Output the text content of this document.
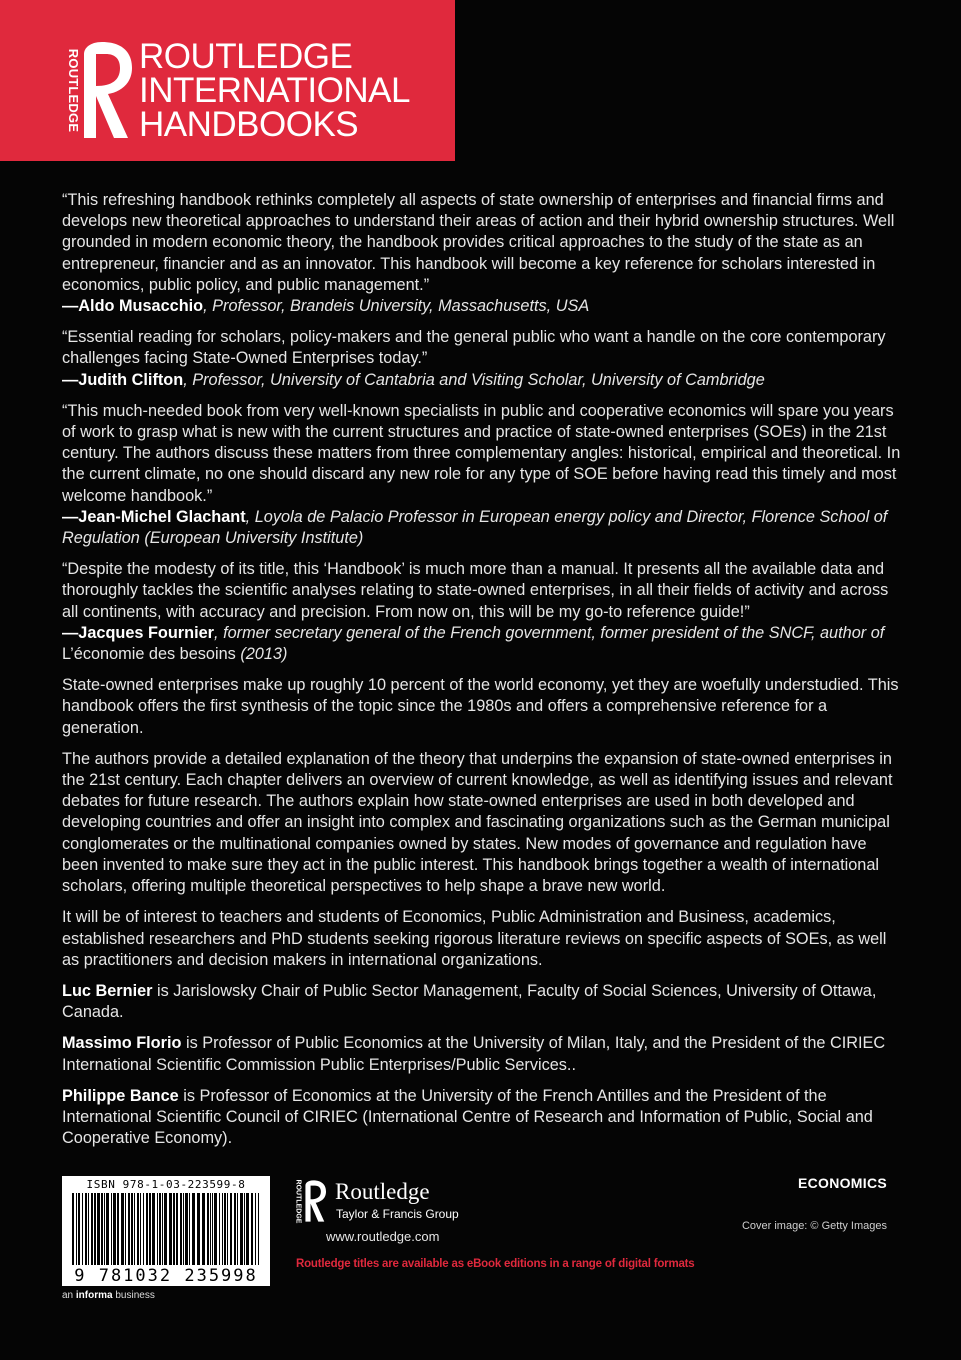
ROUTLEDGE ROUTLEDGE
INTERNATIONAL
HANDBOOKS

“This refreshing handbook rethinks completely all aspects of state ownership of enterprises and financial firms and develops new theoretical approaches to understand their areas of action and their hybrid ownership structures. Well grounded in modern economic theory, the handbook provides critical approaches to the study of the state as an entrepreneur, financier and as an innovator. This handbook will become a key reference for scholars interested in economics, public policy, and public management.”
—Aldo Musacchio, Professor, Brandeis University, Massachusetts, USA

“Essential reading for scholars, policy-makers and the general public who want a handle on the core contemporary challenges facing State-Owned Enterprises today.”
—Judith Clifton, Professor, University of Cantabria and Visiting Scholar, University of Cambridge

“This much-needed book from very well-known specialists in public and cooperative economics will spare you years of work to grasp what is new with the current structures and practice of state-owned enterprises (SOEs) in the 21st century. The authors discuss these matters from three complementary angles: historical, empirical and theoretical. In the current climate, no one should discard any new role for any type of SOE before having read this timely and most welcome handbook.”
—Jean-Michel Glachant, Loyola de Palacio Professor in European energy policy and Director, Florence School of Regulation (European University Institute)

“Despite the modesty of its title, this ‘Handbook’ is much more than a manual. It presents all the available data and thoroughly tackles the scientific analyses relating to state-owned enterprises, in all their fields of activity and across all continents, with accuracy and precision. From now on, this will be my go-to reference guide!”
—Jacques Fournier, former secretary general of the French government, former president of the SNCF, author of L’économie des besoins (2013)

State-owned enterprises make up roughly 10 percent of the world economy, yet they are woefully understudied. This handbook offers the first synthesis of the topic since the 1980s and offers a comprehensive reference for a generation.

The authors provide a detailed explanation of the theory that underpins the expansion of state-owned enterprises in the 21st century. Each chapter delivers an overview of current knowledge, as well as identifying issues and relevant debates for future research. The authors explain how state-owned enterprises are used in both developed and developing countries and offer an insight into complex and fascinating organizations such as the German municipal conglomerates or the multinational companies owned by states. New modes of governance and regulation have been invented to make sure they act in the public interest. This handbook brings together a wealth of international scholars, offering multiple theoretical perspectives to help shape a brave new world.

It will be of interest to teachers and students of Economics, Public Administration and Business, academics, established researchers and PhD students seeking rigorous literature reviews on specific aspects of SOEs, as well as practitioners and decision makers in international organizations.

Luc Bernier is Jarislowsky Chair of Public Sector Management, Faculty of Social Sciences, University of Ottawa, Canada.

Massimo Florio is Professor of Public Economics at the University of Milan, Italy, and the President of the CIRIEC International Scientific Commission Public Enterprises/Public Services..

Philippe Bance is Professor of Economics at the University of the French Antilles and the President of the International Scientific Council of CIRIEC (International Centre of Research and Information of Public, Social and Cooperative Economy).

ISBN 978-1-03-223599-8
9 781032 235998
an informa business
ROUTLEDGE Routledge
Taylor & Francis Group
www.routledge.com
Routledge titles are available as eBook editions in a range of digital formats
ECONOMICS
Cover image: © Getty Images
